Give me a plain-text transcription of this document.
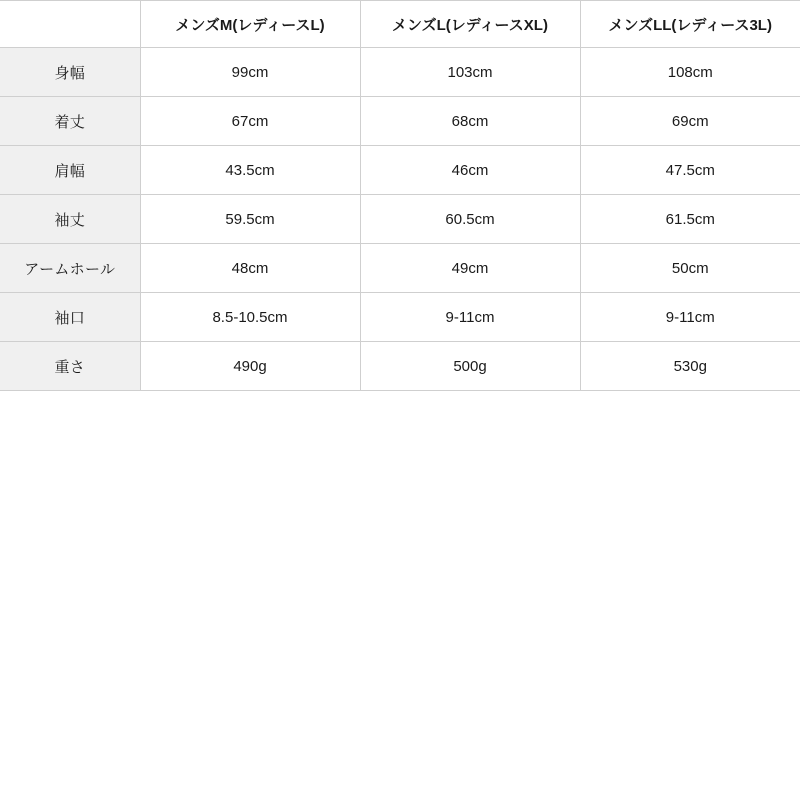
	メンズM(レディースL)	メンズL(レディースXL)	メンズLL(レディース3L)
身幅	99cm	103cm	108cm
着丈	67cm	68cm	69cm
肩幅	43.5cm	46cm	47.5cm
袖丈	59.5cm	60.5cm	61.5cm
アームホール	48cm	49cm	50cm
袖口	8.5-10.5cm	9-11cm	9-11cm
重さ	490g	500g	530g
